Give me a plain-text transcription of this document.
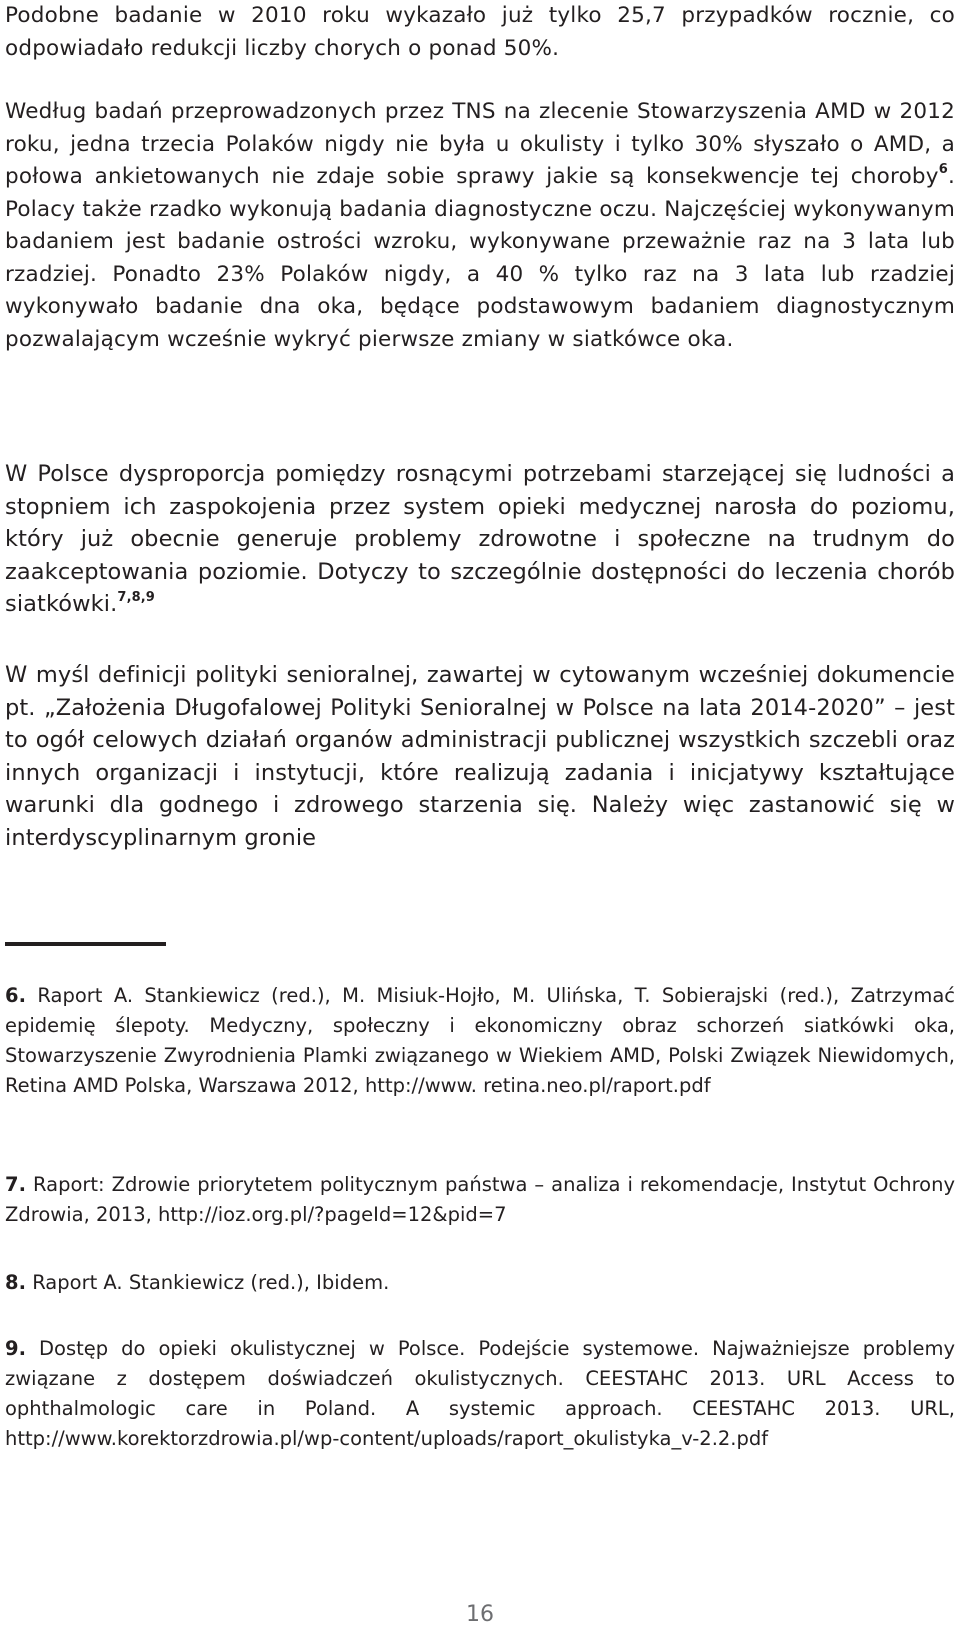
Podobne badanie w 2010 roku wykazało już tylko 25,7 przypadków rocznie, co odpowiadało redukcji liczby chorych o ponad 50%.

Według badań przeprowadzonych przez TNS na zlecenie Stowarzyszenia AMD w 2012 roku, jedna trzecia Polaków nigdy nie była u okulisty i tylko 30% słyszało o AMD, a połowa ankietowanych nie zdaje sobie sprawy jakie są konsekwencje tej choroby$^6$. Polacy także rzadko wykonują badania diagnostyczne oczu. Najczęściej wykonywanym badaniem jest badanie ostrości wzroku, wykonywane przeważnie raz na 3 lata lub rzadziej. Ponadto 23% Polaków nigdy, a 40 % tylko raz na 3 lata lub rzadziej wykonywało badanie dna oka, będące podstawowym badaniem diagnostycznym pozwalającym wcześnie wykryć pierwsze zmiany w siatkówce oka.

W Polsce dysproporcja pomiędzy rosnącymi potrzebami starzejącej się ludności a stopniem ich zaspokojenia przez system opieki medycznej narosła do poziomu, który już obecnie generuje problemy zdrowotne i społeczne na trudnym do zaakceptowania poziomie. Dotyczy to szczególnie dostępności do leczenia chorób siatkówki.$^{7,8,9}$

W myśl definicji polityki senioralnej, zawartej w cytowanym wcześniej dokumencie pt. „Założenia Długofalowej Polityki Senioralnej w Polsce na lata 2014-2020” – jest to ogół celowych działań organów administracji publicznej wszystkich szczebli oraz innych organizacji i instytucji, które realizują zadania i inicjatywy kształtujące warunki dla godnego i zdrowego starzenia się. Należy więc zastanowić się w interdyscyplinarnym gronie

6. Raport A. Stankiewicz (red.), M. Misiuk-Hojło, M. Ulińska, T. Sobierajski (red.), Zatrzymać epidemię ślepoty. Medyczny, społeczny i ekonomiczny obraz schorzeń siatkówki oka, Stowarzyszenie Zwyrodnienia Plamki związanego w Wiekiem AMD, Polski Związek Niewidomych, Retina AMD Polska, Warszawa 2012, http://www. retina.neo.pl/raport.pdf

7. Raport: Zdrowie priorytetem politycznym państwa – analiza i rekomendacje, Instytut Ochrony Zdrowia, 2013, http://ioz.org.pl/?pageId=12&pid=7

8. Raport A. Stankiewicz (red.), Ibidem.

9. Dostęp do opieki okulistycznej w Polsce. Podejście systemowe. Najważniejsze problemy związane z dostępem doświadczeń okulistycznych. CEESTAHC 2013. URL Access to ophthalmologic care in Poland. A systemic approach. CEESTAHC 2013. URL, http://www.korektorzdrowia.pl/wp-content/uploads/raport_okulistyka_v-2.2.pdf

16
